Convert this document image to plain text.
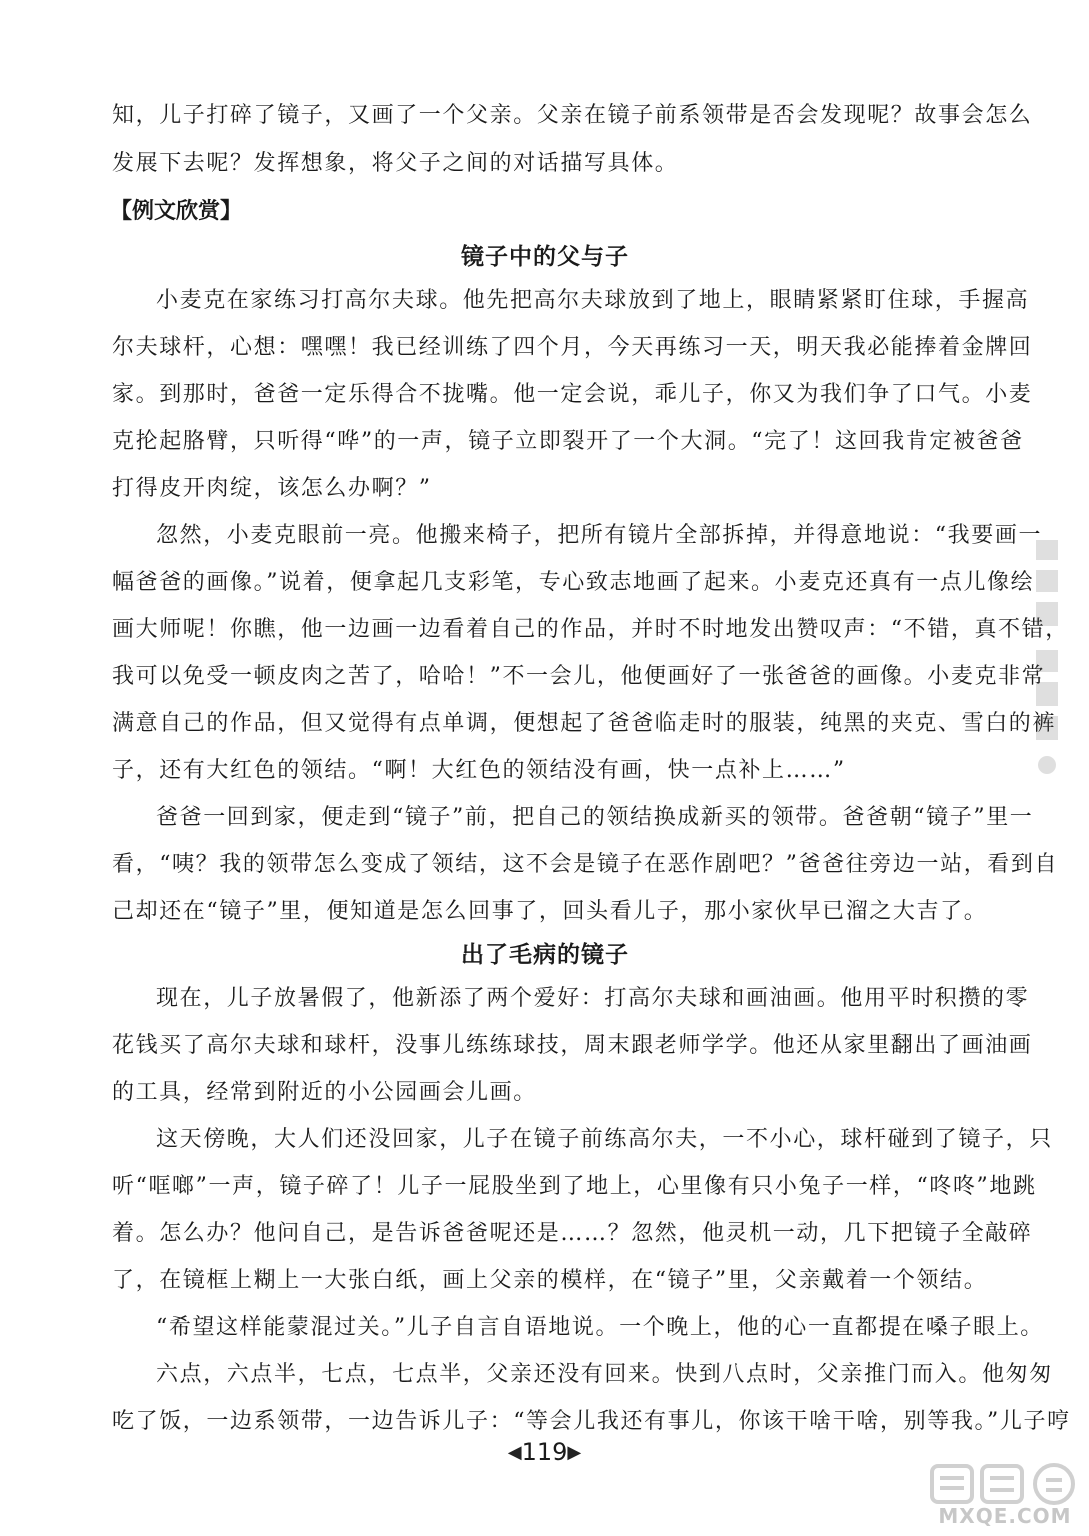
知，儿子打碎了镜子，又画了一个父亲。父亲在镜子前系领带是否会发现呢？故事会怎么
发展下去呢？发挥想象，将父子之间的对话描写具体。
【例文欣赏】
镜子中的父与子
小麦克在家练习打高尔夫球。他先把高尔夫球放到了地上，眼睛紧紧盯住球，手握高
尔夫球杆，心想：嘿嘿！我已经训练了四个月，今天再练习一天，明天我必能捧着金牌回
家。到那时，爸爸一定乐得合不拢嘴。他一定会说，乖儿子，你又为我们争了口气。小麦
克抡起胳臂，只听得“哗”的一声，镜子立即裂开了一个大洞。“完了！这回我肯定被爸爸
打得皮开肉绽，该怎么办啊？”
忽然，小麦克眼前一亮。他搬来椅子，把所有镜片全部拆掉，并得意地说：“我要画一
幅爸爸的画像。”说着，便拿起几支彩笔，专心致志地画了起来。小麦克还真有一点儿像绘
画大师呢！你瞧，他一边画一边看着自己的作品，并时不时地发出赞叹声：“不错，真不错，
我可以免受一顿皮肉之苦了，哈哈！”不一会儿，他便画好了一张爸爸的画像。小麦克非常
满意自己的作品，但又觉得有点单调，便想起了爸爸临走时的服装，纯黑的夹克、雪白的裤
子，还有大红色的领结。“啊！大红色的领结没有画，快一点补上……”
爸爸一回到家，便走到“镜子”前，把自己的领结换成新买的领带。爸爸朝“镜子”里一
看，“咦？我的领带怎么变成了领结，这不会是镜子在恶作剧吧？”爸爸往旁边一站，看到自
己却还在“镜子”里，便知道是怎么回事了，回头看儿子，那小家伙早已溜之大吉了。
出了毛病的镜子
现在，儿子放暑假了，他新添了两个爱好：打高尔夫球和画油画。他用平时积攒的零
花钱买了高尔夫球和球杆，没事儿练练球技，周末跟老师学学。他还从家里翻出了画油画
的工具，经常到附近的小公园画会儿画。
这天傍晚，大人们还没回家，儿子在镜子前练高尔夫，一不小心，球杆碰到了镜子，只
听“哐啷”一声，镜子碎了！儿子一屁股坐到了地上，心里像有只小兔子一样，“咚咚”地跳
着。怎么办？他问自己，是告诉爸爸呢还是……？忽然，他灵机一动，几下把镜子全敲碎
了，在镜框上糊上一大张白纸，画上父亲的模样，在“镜子”里，父亲戴着一个领结。
“希望这样能蒙混过关。”儿子自言自语地说。一个晚上，他的心一直都提在嗓子眼上。
六点，六点半，七点，七点半，父亲还没有回来。快到八点时，父亲推门而入。他匆匆
吃了饭，一边系领带，一边告诉儿子：“等会儿我还有事儿，你该干啥干啥，别等我。”儿子哼
◀119▶
MXQE.COM
